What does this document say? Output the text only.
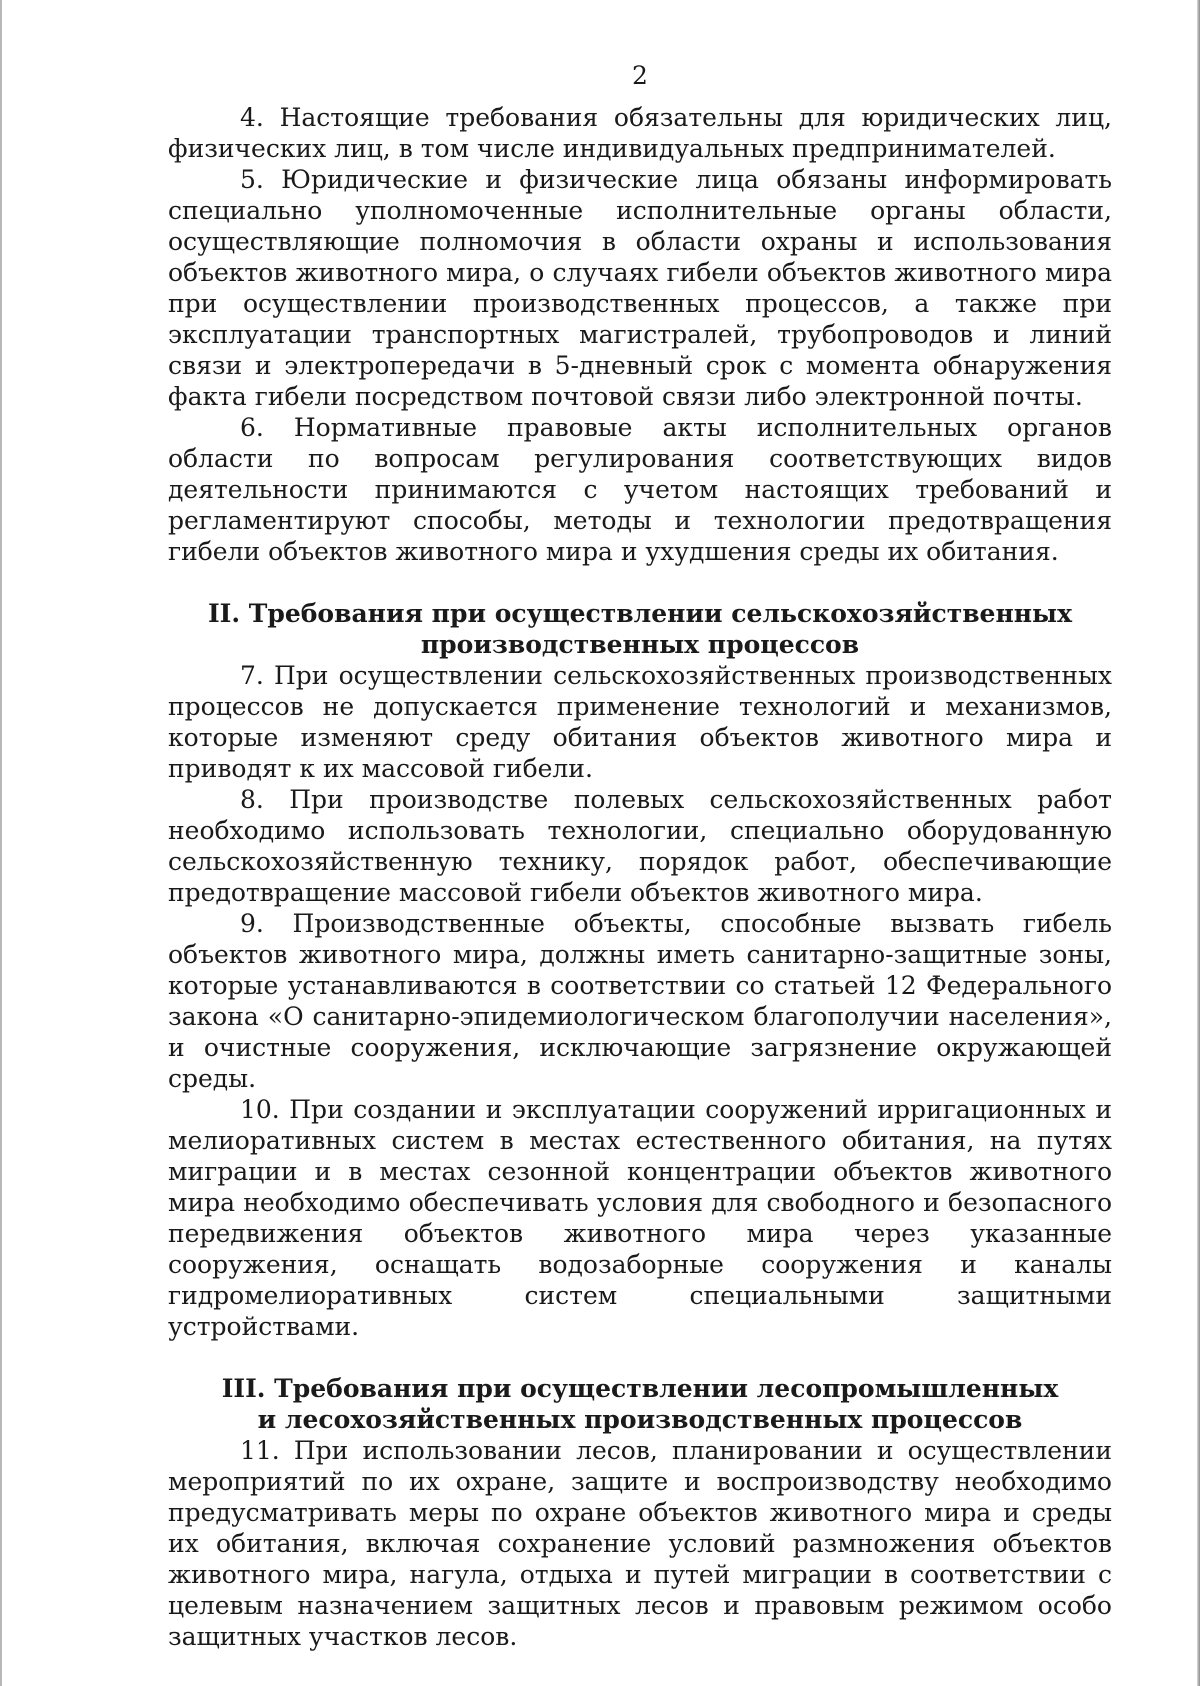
2

4. Настоящие требования обязательны для юридических лиц, физических лиц, в том числе индивидуальных предпринимателей.

5. Юридические и физические лица обязаны информировать специально уполномоченные исполнительные органы области, осуществляющие полномочия в области охраны и использования объектов животного мира, о случаях гибели объектов животного мира при осуществлении производственных процессов, а также при эксплуатации транспортных магистралей, трубопроводов и линий связи и электропередачи в 5-дневный срок с момента обнаружения факта гибели посредством почтовой связи либо электронной почты.

6. Нормативные правовые акты исполнительных органов области по вопросам регулирования соответствующих видов деятельности принимаются с учетом настоящих требований и регламентируют способы, методы и технологии предотвращения гибели объектов животного мира и ухудшения среды их обитания.

II. Требования при осуществлении сельскохозяйственных
производственных процессов

7. При осуществлении сельскохозяйственных производственных процессов не допускается применение технологий и механизмов, которые изменяют среду обитания объектов животного мира и приводят к их массовой гибели.

8. При производстве полевых сельскохозяйственных работ необходимо использовать технологии, специально оборудованную сельскохозяйственную технику, порядок работ, обеспечивающие предотвращение массовой гибели объектов животного мира.

9. Производственные объекты, способные вызвать гибель объектов животного мира, должны иметь санитарно-защитные зоны, которые устанавливаются в соответствии со статьей 12 Федерального закона «О санитарно-эпидемиологическом благополучии населения», и очистные сооружения, исключающие загрязнение окружающей среды.

10. При создании и эксплуатации сооружений ирригационных и мелиоративных систем в местах естественного обитания, на путях миграции и в местах сезонной концентрации объектов животного мира необходимо обеспечивать условия для свободного и безопасного передвижения объектов животного мира через указанные сооружения, оснащать водозаборные сооружения и каналы гидромелиоративных систем специальными защитными устройствами.

III. Требования при осуществлении лесопромышленных
и лесохозяйственных производственных процессов

11. При использовании лесов, планировании и осуществлении мероприятий по их охране, защите и воспроизводству необходимо предусматривать меры по охране объектов животного мира и среды их обитания, включая сохранение условий размножения объектов животного мира, нагула, отдыха и путей миграции в соответствии с целевым назначением защитных лесов и правовым режимом особо защитных участков лесов.
